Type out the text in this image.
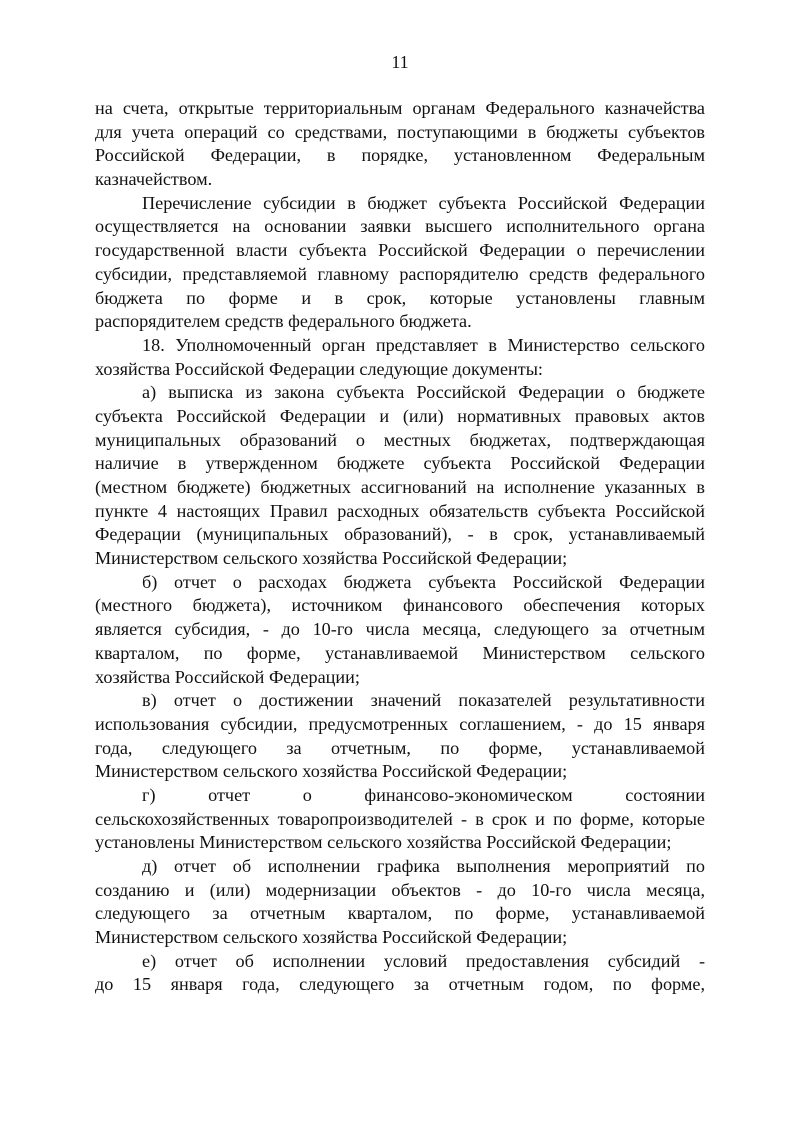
11
на счета, открытые территориальным органам Федерального казначейства
для учета операций со средствами, поступающими в бюджеты субъектов
Российской Федерации, в порядке, установленном Федеральным
казначейством.
Перечисление субсидии в бюджет субъекта Российской Федерации
осуществляется на основании заявки высшего исполнительного органа
государственной власти субъекта Российской Федерации о перечислении
субсидии, представляемой главному распорядителю средств федерального
бюджета по форме и в срок, которые установлены главным
распорядителем средств федерального бюджета.
18. Уполномоченный орган представляет в Министерство сельского
хозяйства Российской Федерации следующие документы:
а) выписка из закона субъекта Российской Федерации о бюджете
субъекта Российской Федерации и (или) нормативных правовых актов
муниципальных образований о местных бюджетах, подтверждающая
наличие в утвержденном бюджете субъекта Российской Федерации
(местном бюджете) бюджетных ассигнований на исполнение указанных в
пункте 4 настоящих Правил расходных обязательств субъекта Российской
Федерации (муниципальных образований), - в срок, устанавливаемый
Министерством сельского хозяйства Российской Федерации;
б) отчет о расходах бюджета субъекта Российской Федерации
(местного бюджета), источником финансового обеспечения которых
является субсидия, - до 10-го числа месяца, следующего за отчетным
кварталом, по форме, устанавливаемой Министерством сельского
хозяйства Российской Федерации;
в) отчет о достижении значений показателей результативности
использования субсидии, предусмотренных соглашением, - до 15 января
года, следующего за отчетным, по форме, устанавливаемой
Министерством сельского хозяйства Российской Федерации;
г) отчет о финансово-экономическом состоянии
сельскохозяйственных товаропроизводителей - в срок и по форме, которые
установлены Министерством сельского хозяйства Российской Федерации;
д) отчет об исполнении графика выполнения мероприятий по
созданию и (или) модернизации объектов - до 10-го числа месяца,
следующего за отчетным кварталом, по форме, устанавливаемой
Министерством сельского хозяйства Российской Федерации;
е) отчет об исполнении условий предоставления субсидий -
до 15 января года, следующего за отчетным годом, по форме,
